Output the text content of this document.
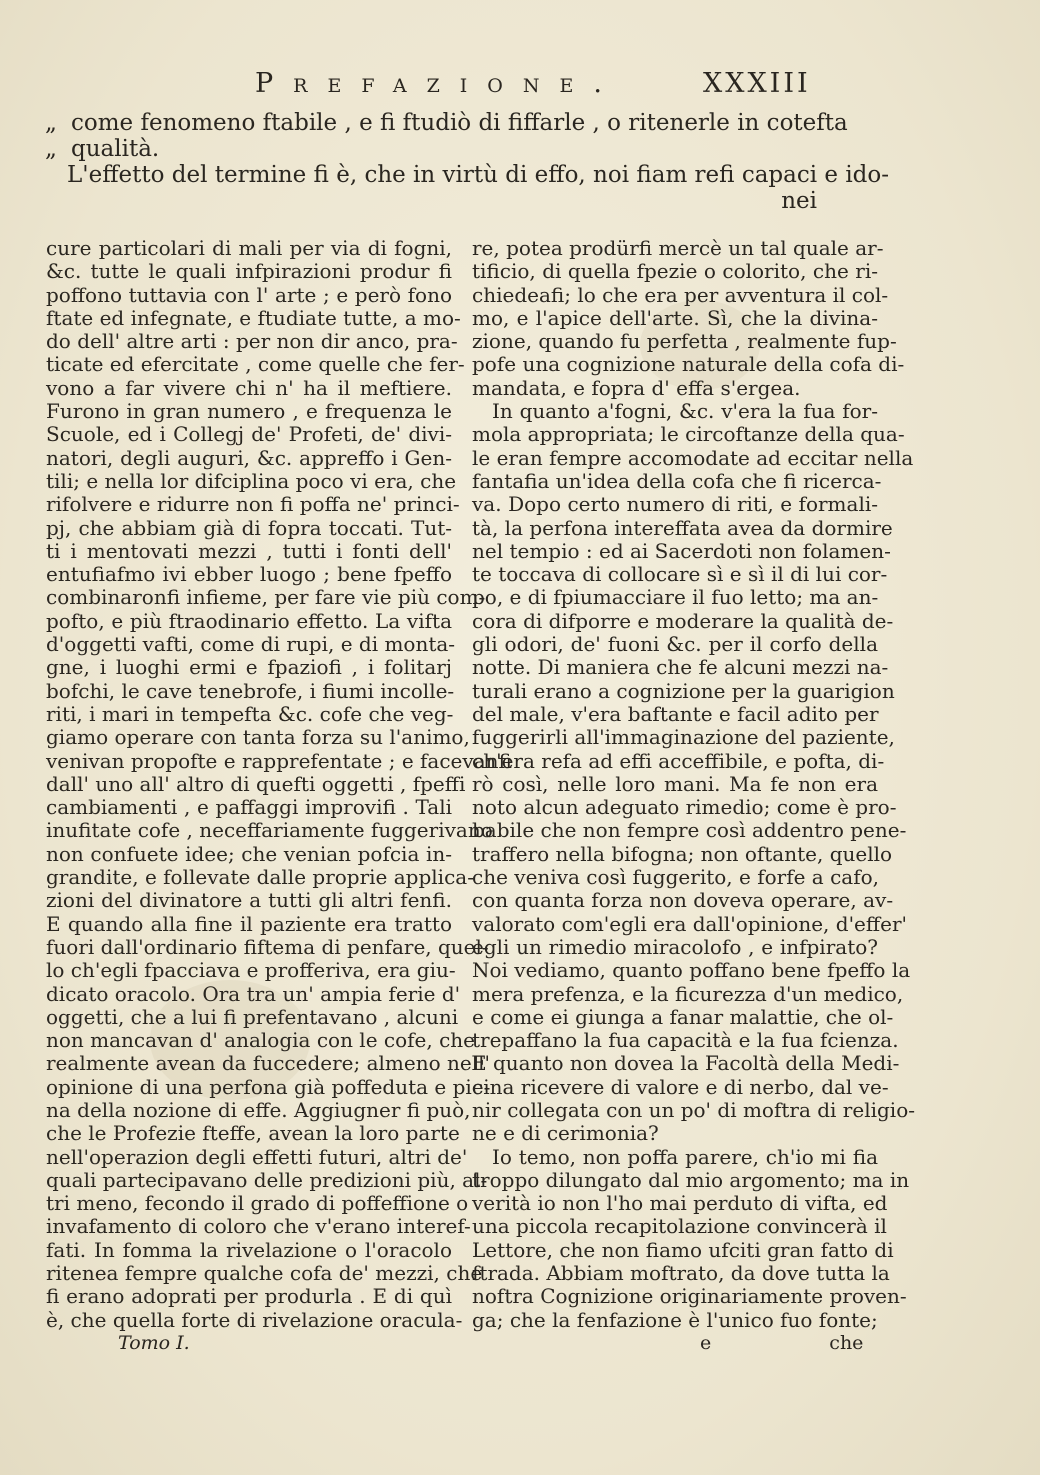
Prefazione.	XXXIII
„ come fenomeno ftabile , e fi ftudiò di fiffarle , o ritenerle in cotefta
„ qualità.
L'effetto del termine fi è, che in virtù di effo, noi fiam refi capaci e ido-
nei
cure particolari di mali per via di fogni,
&c. tutte le quali infpirazioni produr fi
poffono tuttavia con l' arte ; e però fono
ftate ed infegnate, e ftudiate tutte, a mo-
do dell' altre arti : per non dir anco, pra-
ticate ed efercitate , come quelle che fer-
vono a far vivere chi n' ha il meftiere.
Furono in gran numero , e frequenza le
Scuole, ed i Collegj de' Profeti, de' divi-
natori, degli auguri, &c. appreffo i Gen-
tili; e nella lor difciplina poco vi era, che
rifolvere e ridurre non fi poffa ne' princi-
pj, che abbiam già di fopra toccati. Tut-
ti i mentovati mezzi , tutti i fonti dell'
entufiafmo ivi ebber luogo ; bene fpeffo
combinaronfi infieme, per fare vie più com-
pofto, e più ftraodinario effetto. La vifta
d'oggetti vafti, come di rupi, e di monta-
gne, i luoghi ermi e fpaziofi , i folitarj
bofchi, le cave tenebrofe, i fiumi incolle-
riti, i mari in tempefta &c. cofe che veg-
giamo operare con tanta forza su l'animo,
venivan propofte e rapprefentate ; e facevanfi
dall' uno all' altro di quefti oggetti , fpeffi
cambiamenti , e paffaggi improvifi . Tali
inufitate cofe , neceffariamente fuggerivano
non confuete idee; che venian pofcia in-
grandite, e follevate dalle proprie applica-
zioni del divinatore a tutti gli altri fenfi.
E quando alla fine il paziente era tratto
fuori dall'ordinario fiftema di penfare, quel-
lo ch'egli fpacciava e profferiva, era giu-
dicato oracolo. Ora tra un' ampia ferie d'
oggetti, che a lui fi prefentavano , alcuni
non mancavan d' analogia con le cofe, che
realmente avean da fuccedere; almeno nell'
opinione di una perfona già poffeduta e pie-
na della nozione di effe. Aggiugner fi può,
che le Profezie fteffe, avean la loro parte
nell'operazion degli effetti futuri, altri de'
quali partecipavano delle predizioni più, al-
tri meno, fecondo il grado di poffeffione o
invafamento di coloro che v'erano interef-
fati. In fomma la rivelazione o l'oracolo
ritenea fempre qualche cofa de' mezzi, che
fi erano adoprati per produrla . E di quì
è, che quella forte di rivelazione oracula-
Tomo I.
re, potea prodürfi mercè un tal quale ar-
tificio, di quella fpezie o colorito, che ri-
chiedeafi; lo che era per avventura il col-
mo, e l'apice dell'arte. Sì, che la divina-
zione, quando fu perfetta , realmente fup-
pofe una cognizione naturale della cofa di-
mandata, e fopra d' effa s'ergea.
In quanto a'fogni, &c. v'era la fua for-
mola appropriata; le circoftanze della qua-
le eran fempre accomodate ad eccitar nella
fantafia un'idea della cofa che fi ricerca-
va. Dopo certo numero di riti, e formali-
tà, la perfona intereffata avea da dormire
nel tempio : ed ai Sacerdoti non folamen-
te toccava di collocare sì e sì il di lui cor-
po, e di fpiumacciare il fuo letto; ma an-
cora di difporre e moderare la qualità de-
gli odori, de' fuoni &c. per il corfo della
notte. Di maniera che fe alcuni mezzi na-
turali erano a cognizione per la guarigion
del male, v'era baftante e facil adito per
fuggerirli all'immaginazione del paziente,
ch'era refa ad effi acceffibile, e pofta, di-
rò così, nelle loro mani. Ma fe non era
noto alcun adeguato rimedio; come è pro-
babile che non fempre così addentro pene-
traffero nella bifogna; non oftante, quello
che veniva così fuggerito, e forfe a cafo,
con quanta forza non doveva operare, av-
valorato com'egli era dall'opinione, d'effer'
egli un rimedio miracolofo , e infpirato?
Noi vediamo, quanto poffano bene fpeffo la
mera prefenza, e la ficurezza d'un medico,
e come ei giunga a fanar malattie, che ol-
trepaffano la fua capacità e la fua fcienza.
E quanto non dovea la Facoltà della Medi-
cina ricevere di valore e di nerbo, dal ve-
nir collegata con un po' di moftra di religio-
ne e di cerimonia?
Io temo, non poffa parere, ch'io mi fia
troppo dilungato dal mio argomento; ma in
verità io non l'ho mai perduto di vifta, ed
una piccola recapitolazione convincerà il
Lettore, che non fiamo ufciti gran fatto di
ftrada. Abbiam moftrato, da dove tutta la
noftra Cognizione originariamente proven-
ga; che la fenfazione è l'unico fuo fonte;
e	che
